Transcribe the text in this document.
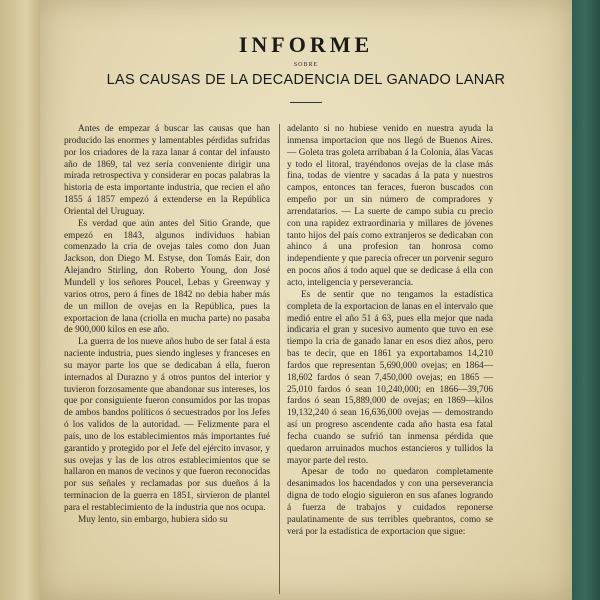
INFORME
SOBRE
LAS CAUSAS DE LA DECADENCIA DEL GANADO LANAR

Antes de empezar á buscar las causas que han producido las enormes y lamentables pérdidas sufridas por los criadores de la raza lanar á contar del infausto año de 1869, tal vez sería conveniente dirigir una mirada retrospectiva y considerar en pocas palabras la historia de esta importante industria, que recien el año 1855 á 1857 empezó á extenderse en la República Oriental del Uruguay.

Es verdad que aún antes del Sitio Grande, que empezó en 1843, algunos individuos habian comenzado la cria de ovejas tales como don Juan Jackson, don Diego M. Estyse, don Tomás Eair, don Alejandro Stirling, don Roberto Young, don José Mundell y los señores Poucel, Lebas y Greenway y varios otros, pero á fines de 1842 no debia haber más de un millon de ovejas en la República, pues la exportacion de lana (criolla en mucha parte) no pasaba de 900,000 kilos en ese año.

La guerra de los nueve años hubo de ser fatal á esta naciente industria, pues siendo ingleses y franceses en su mayor parte los que se dedicaban á ella, fueron internados al Durazno y á otros puntos del interior y tuvieron forzosamente que abandonar sus intereses, los que por consiguiente fueron consumidos por las tropas de ambos bandos políticos ó secuestrados por los Jefes ó los validos de la autoridad. — Felizmente para el país, uno de los establecimientos más importantes fué garantido y protegido por el Jefe del ejército invasor, y sus ovejas y las de los otros establecimientos que se hallaron en manos de vecinos y que fueron reconocidas por sus señales y reclamadas por sus dueños á la terminacion de la guerra en 1851, sirvieron de plantel para el restablecimiento de la industria que nos ocupa.

Muy lento, sin embargo, hubiera sido su

adelanto si no hubiese venido en nuestra ayuda la inmensa importacion que nos llegó de Buenos Aires. — Goleta tras goleta arribaban á la Colonia, álas Vacas y todo el litoral, trayéndonos ovejas de la clase más fina, todas de vientre y sacadas á la pata y nuestros campos, entonces tan feraces, fueron buscados con empeño por un sin número de compradores y arrendatarios. — La suerte de campo subia cu precio con una rapidez extraordinaria y millares de jóvenes tanto hijos del país como extranjeros se dedicaban con ahinco á una profesion tan honrosa como independiente y que parecia ofrecer un porvenir seguro en pocos años á todo aquel que se dedicase á ella con acto, inteligencia y perseverancia.

Es de sentir que no tengamos la estadística completa de la exportacion de lanas en el intervalo que medió entre el año 51 á 63, pues ella mejor que nada indicaria el gran y sucesivo aumento que tuvo en ese tiempo la cria de ganado lanar en esos diez años, pero bas te decir, que en 1861 ya exportabamos 14,210 fardos que representan 5,690,000 ovejas; en 1864—18,602 fardos ó sean 7,450,000 ovejas; en 1865 —25,010 fardos ó sean 10,240,000; en 1866—39,706 fardos ó sean 15,889,000 de ovejas; en 1869—kilos 19,132,240 ó sean 16,636,000 ovejas — demostrando así un progreso ascendente cada año hasta esa fatal fecha cuando se sufrió tan inmensa pérdida que quedaron arruinados muchos estancieros y tullidos la mayor parte del resto.

Apesar de todo no quedaron completamente desanimados los hacendados y con una perseverancia digna de todo elogio siguieron en sus afanes logrando á fuerza de trabajos y cuidados reponerse paulatinamente de sus terribles quebrantos, como se verá por la estadística de exportacion que sigue:
